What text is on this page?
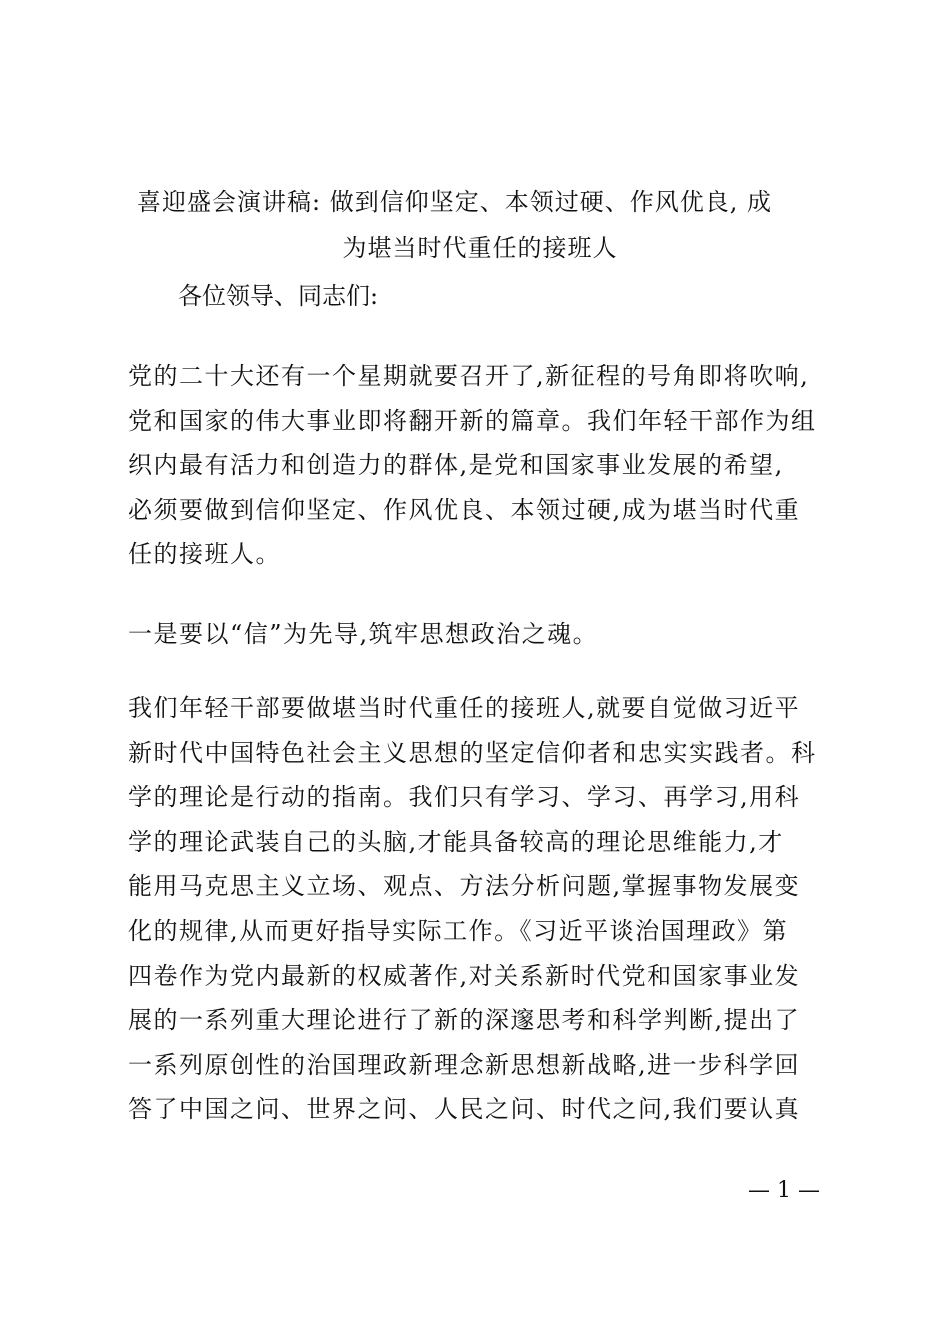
喜迎盛会演讲稿: 做到信仰坚定、本领过硬、作风优良, 成
为堪当时代重任的接班人
各位领导、同志们:
党的二十大还有一个星期就要召开了,新征程的号角即将吹响,
党和国家的伟大事业即将翻开新的篇章。我们年轻干部作为组
织内最有活力和创造力的群体,是党和国家事业发展的希望,
必须要做到信仰坚定、作风优良、本领过硬,成为堪当时代重
任的接班人。
一是要以“信”为先导,筑牢思想政治之魂。
我们年轻干部要做堪当时代重任的接班人,就要自觉做习近平
新时代中国特色社会主义思想的坚定信仰者和忠实实践者。科
学的理论是行动的指南。我们只有学习、学习、再学习,用科
学的理论武装自己的头脑,才能具备较高的理论思维能力,才
能用马克思主义立场、观点、方法分析问题,掌握事物发展变
化的规律,从而更好指导实际工作。《习近平谈治国理政》第
四卷作为党内最新的权威著作,对关系新时代党和国家事业发
展的一系列重大理论进行了新的深邃思考和科学判断,提出了
一系列原创性的治国理政新理念新思想新战略,进一步科学回
答了中国之问、世界之问、人民之问、时代之问,我们要认真
— 1 —
